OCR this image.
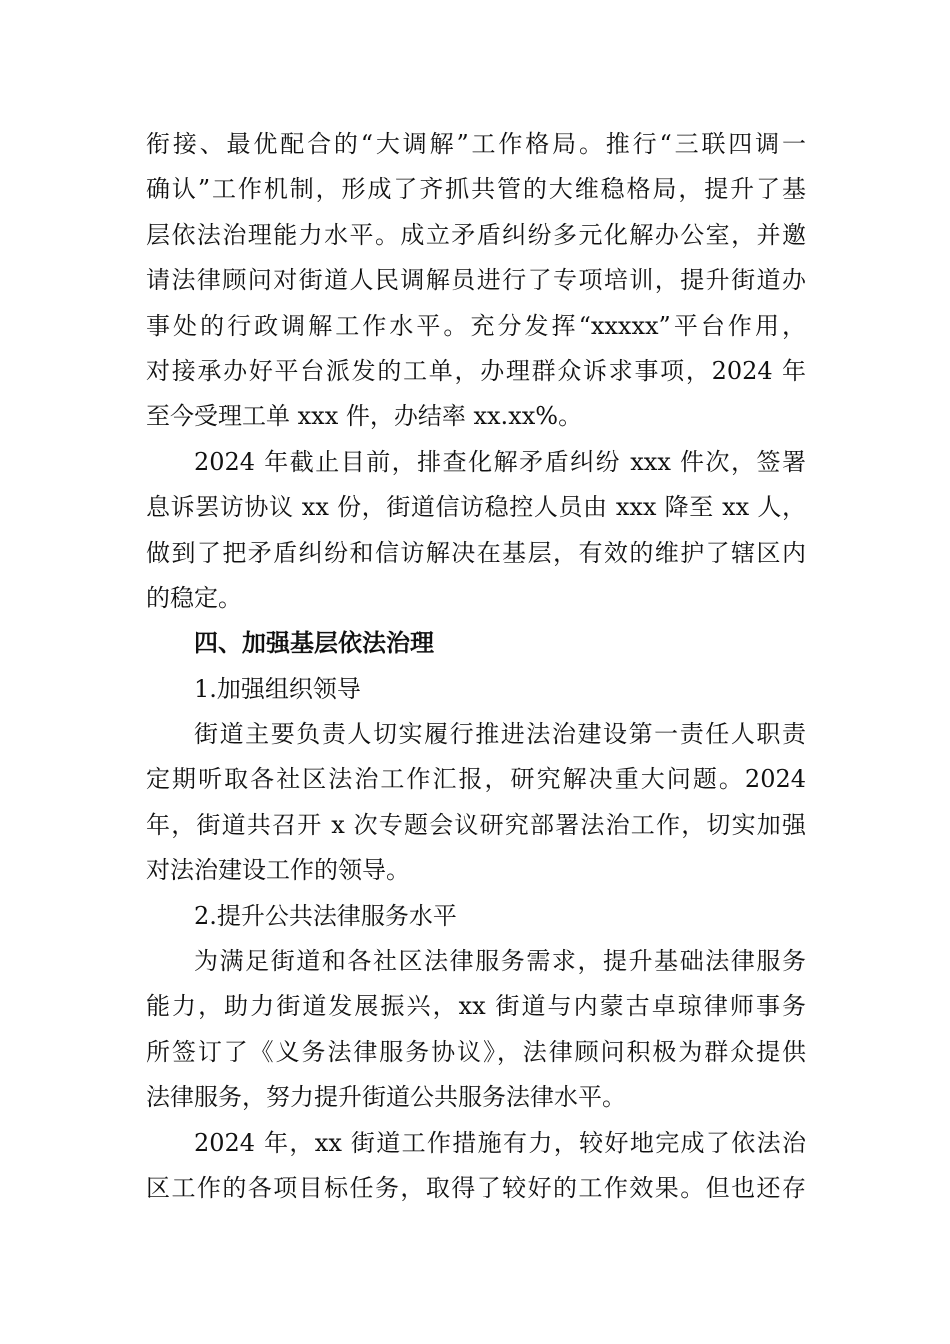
衔接、最优配合的“大调解”工作格局。推行“三联四调一
确认”工作机制，形成了齐抓共管的大维稳格局，提升了基
层依法治理能力水平。成立矛盾纠纷多元化解办公室，并邀
请法律顾问对街道人民调解员进行了专项培训，提升街道办
事处的行政调解工作水平。充分发挥“xxxxx”平台作用，
对接承办好平台派发的工单，办理群众诉求事项，2024 年
至今受理工单 xxx 件，办结率 xx.xx%。
2024 年截止目前，排查化解矛盾纠纷 xxx 件次，签署
息诉罢访协议 xx 份，街道信访稳控人员由 xxx 降至 xx 人，
做到了把矛盾纠纷和信访解决在基层，有效的维护了辖区内
的稳定。
四、加强基层依法治理
1.加强组织领导
街道主要负责人切实履行推进法治建设第一责任人职责
定期听取各社区法治工作汇报，研究解决重大问题。2024
年，街道共召开 x 次专题会议研究部署法治工作，切实加强
对法治建设工作的领导。
2.提升公共法律服务水平
为满足街道和各社区法律服务需求，提升基础法律服务
能力，助力街道发展振兴，xx 街道与内蒙古卓琼律师事务
所签订了《义务法律服务协议》，法律顾问积极为群众提供
法律服务，努力提升街道公共服务法律水平。
2024 年，xx 街道工作措施有力，较好地完成了依法治
区工作的各项目标任务，取得了较好的工作效果。但也还存
